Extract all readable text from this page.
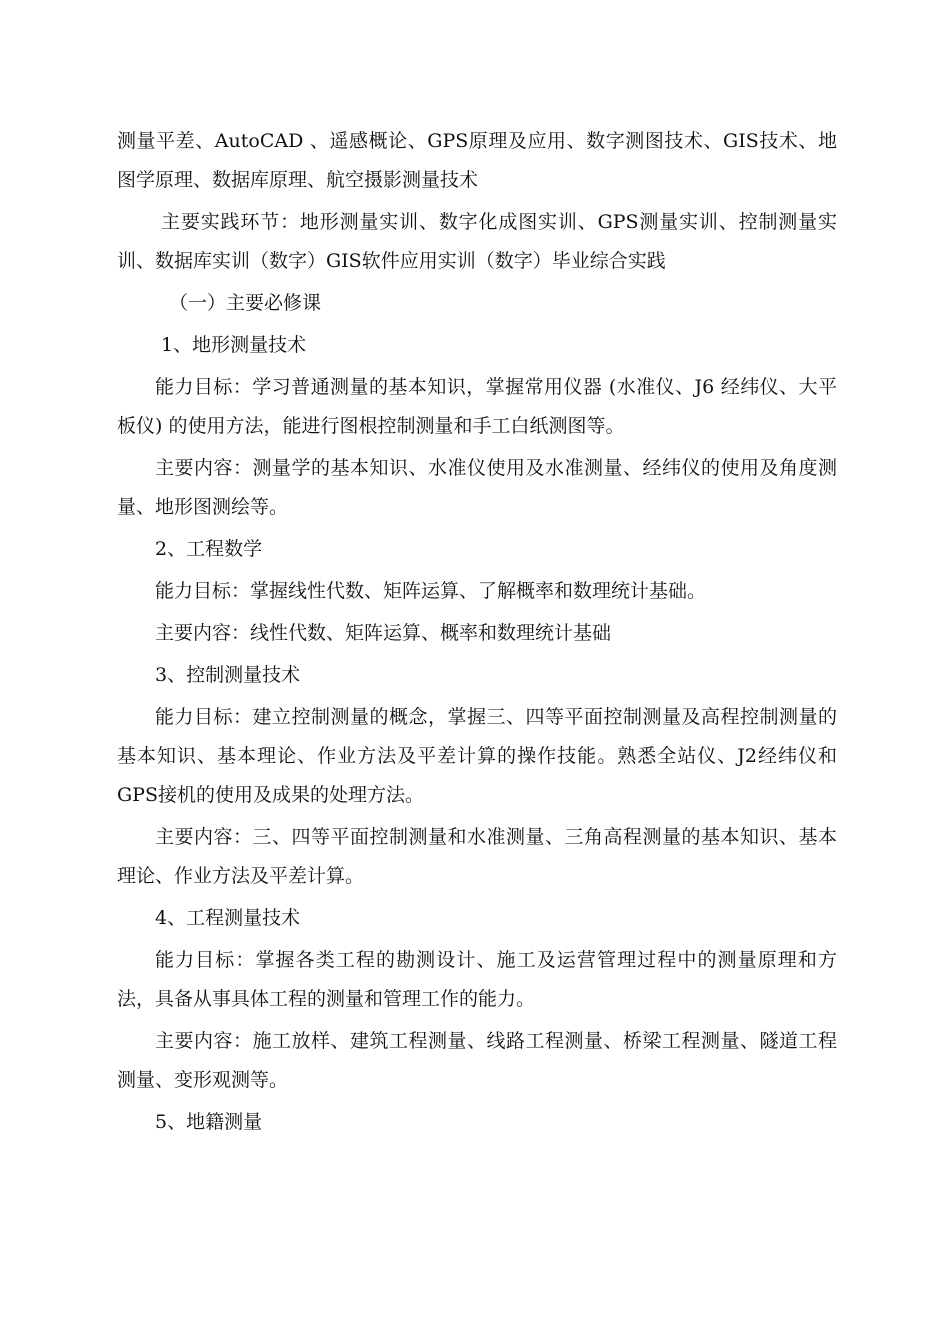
测量平差、AutoCAD 、遥感概论、GPS原理及应用、数字测图技术、GIS技术、地图学原理、数据库原理、航空摄影测量技术

主要实践环节：地形测量实训、数字化成图实训、GPS测量实训、控制测量实训、数据库实训（数字）GIS软件应用实训（数字）毕业综合实践

（一）主要必修课

1、地形测量技术

能力目标：学习普通测量的基本知识，掌握常用仪器 (水准仪、J6 经纬仪、大平板仪) 的使用方法，能进行图根控制测量和手工白纸测图等。

主要内容：测量学的基本知识、水准仪使用及水准测量、经纬仪的使用及角度测量、地形图测绘等。

2、工程数学

能力目标：掌握线性代数、矩阵运算、了解概率和数理统计基础。

主要内容：线性代数、矩阵运算、概率和数理统计基础

3、控制测量技术

能力目标：建立控制测量的概念，掌握三、四等平面控制测量及高程控制测量的基本知识、基本理论、作业方法及平差计算的操作技能。熟悉全站仪、J2经纬仪和GPS接机的使用及成果的处理方法。

主要内容：三、四等平面控制测量和水准测量、三角高程测量的基本知识、基本理论、作业方法及平差计算。

4、工程测量技术

能力目标：掌握各类工程的勘测设计、施工及运营管理过程中的测量原理和方法，具备从事具体工程的测量和管理工作的能力。

主要内容：施工放样、建筑工程测量、线路工程测量、桥梁工程测量、隧道工程测量、变形观测等。

5、地籍测量
